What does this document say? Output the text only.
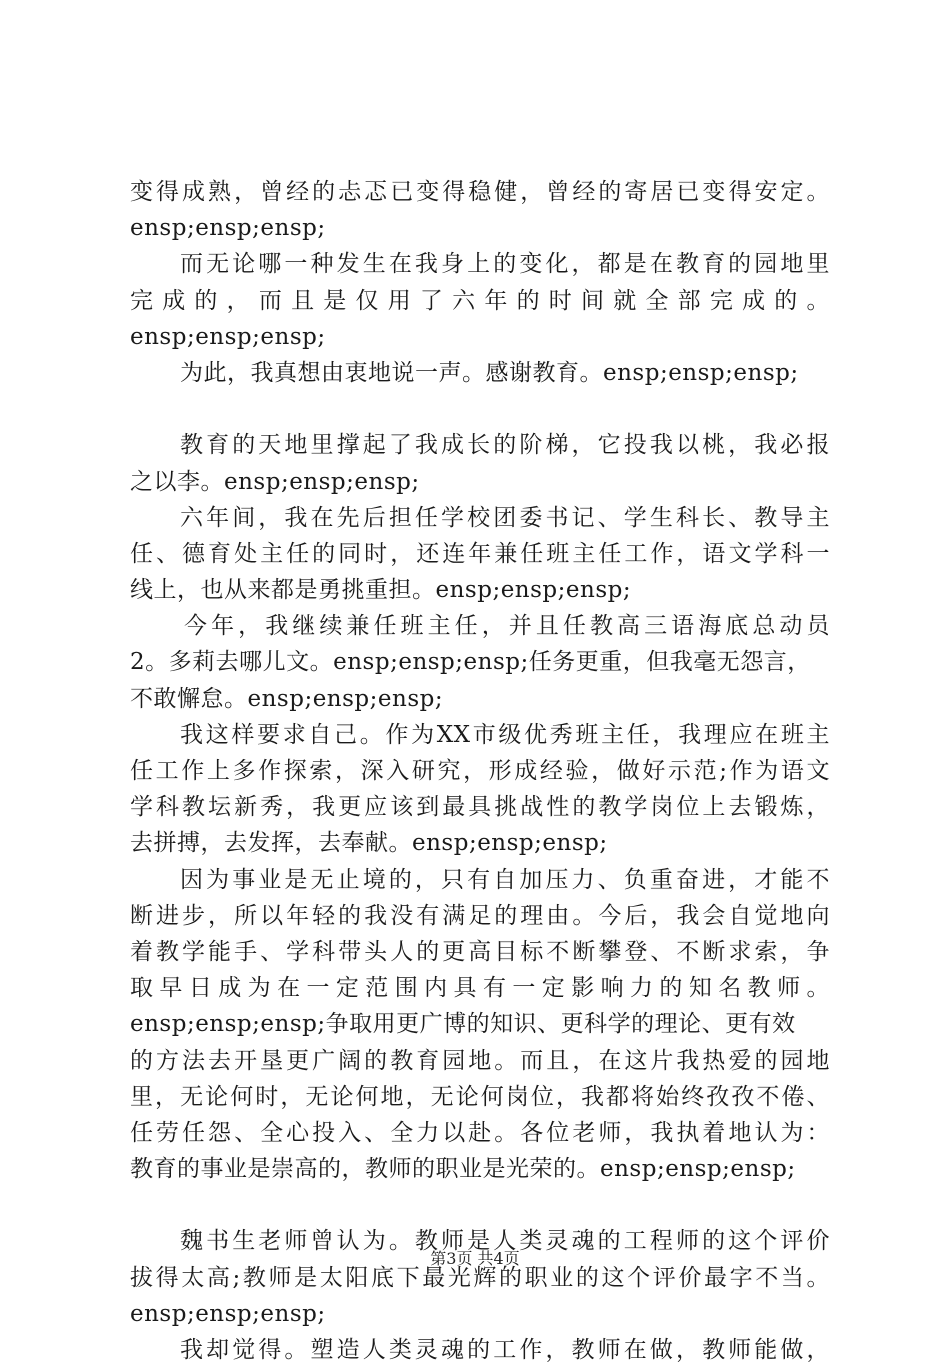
变得成熟，曾经的忐忑已变得稳健，曾经的寄居已变得安定。
ensp;ensp;ensp;
而无论哪一种发生在我身上的变化，都是在教育的园地里
完成的，而且是仅用了六年的时间就全部完成的。
ensp;ensp;ensp;
为此，我真想由衷地说一声。感谢教育。ensp;ensp;ensp;
教育的天地里撑起了我成长的阶梯，它投我以桃，我必报
之以李。ensp;ensp;ensp;
六年间，我在先后担任学校团委书记、学生科长、教导主
任、德育处主任的同时，还连年兼任班主任工作，语文学科一
线上，也从来都是勇挑重担。ensp;ensp;ensp;
今年，我继续兼任班主任，并且任教高三语海底总动员
2。多莉去哪儿文。ensp;ensp;ensp;任务更重，但我毫无怨言，
不敢懈怠。ensp;ensp;ensp;
我这样要求自己。作为XX市级优秀班主任，我理应在班主
任工作上多作探索，深入研究，形成经验，做好示范;作为语文
学科教坛新秀，我更应该到最具挑战性的教学岗位上去锻炼，
去拼搏，去发挥，去奉献。ensp;ensp;ensp;
因为事业是无止境的，只有自加压力、负重奋进，才能不
断进步，所以年轻的我没有满足的理由。今后，我会自觉地向
着教学能手、学科带头人的更高目标不断攀登、不断求索，争
取早日成为在一定范围内具有一定影响力的知名教师。
ensp;ensp;ensp;争取用更广博的知识、更科学的理论、更有效
的方法去开垦更广阔的教育园地。而且，在这片我热爱的园地
里，无论何时，无论何地，无论何岗位，我都将始终孜孜不倦、
任劳任怨、全心投入、全力以赴。各位老师，我执着地认为：
教育的事业是崇高的，教师的职业是光荣的。ensp;ensp;ensp;
魏书生老师曾认为。教师是人类灵魂的工程师的这个评价
拔得太高;教师是太阳底下最光辉的职业的这个评价最字不当。
ensp;ensp;ensp;
我却觉得。塑造人类灵魂的工作，教师在做，教师能做，
第3页 共4页
